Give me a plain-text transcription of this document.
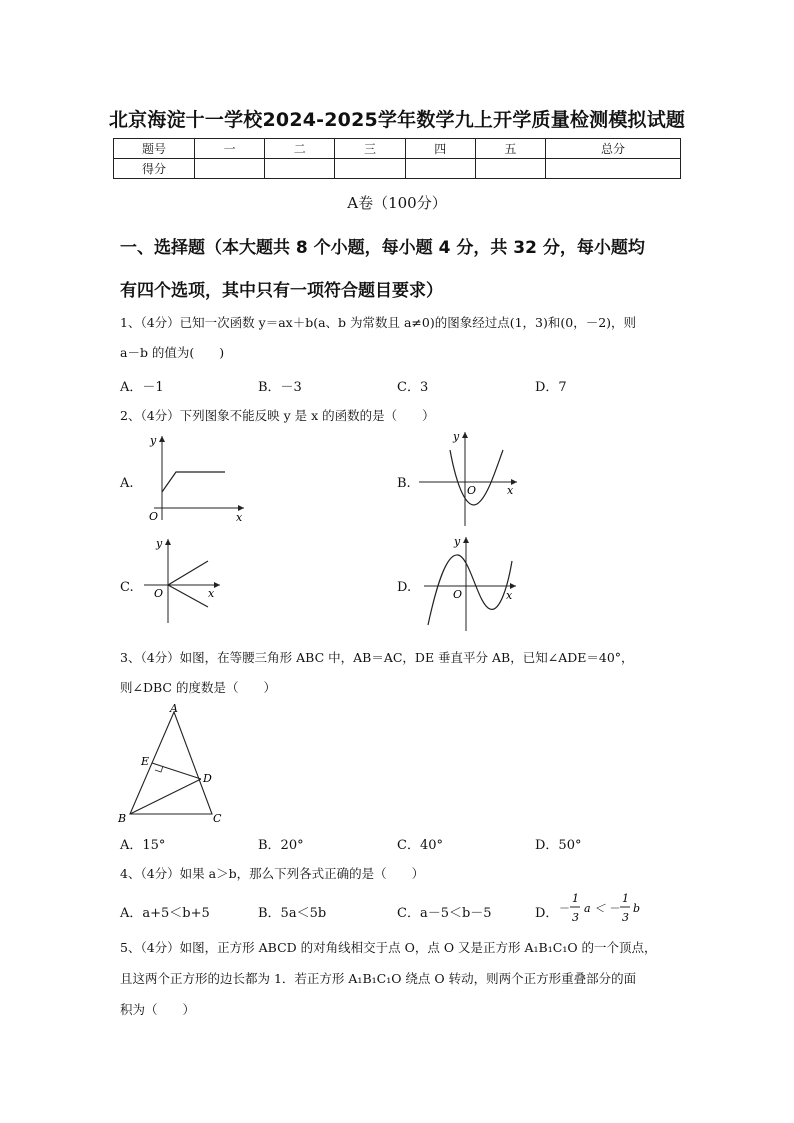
北京海淀十一学校2024-2025学年数学九上开学质量检测模拟试题
题号	一	二	三	四	五	总分
得分						
A卷（100分）
一、选择题（本大题共 8 个小题，每小题 4 分，共 32 分，每小题均
有四个选项，其中只有一项符合题目要求）
1、（4分）已知一次函数 y＝ax＋b(a、b 为常数且 a≠0)的图象经过点(1，3)和(0，－2)，则
a－b 的值为(　　)
A．－1	B．－3	C．3	D．7
2、（4分）下列图象不能反映 y 是 x 的函数的是（　　）
A.
y
x
O
B.
y
x
O
C.
y
x
O	D.
y
x
O
3、（4分）如图，在等腰三角形 ABC 中，AB＝AC，DE 垂直平分 AB，已知∠ADE＝40°，
则∠DBC 的度数是（　　）
A
E
D
B	C
A．15°	B．20°	C．40°	D．50°
4、（4分）如果 a＞b，那么下列各式正确的是（　　）
A．a+5＜b+5	B．5a＜5b	C．a－5＜b－5	D． －
1
3
a ＜ －
1
3
b
5、（4分）如图，正方形 ABCD 的对角线相交于点 O，点 O 又是正方形 A₁B₁C₁O 的一个顶点，
且这两个正方形的边长都为 1．若正方形 A₁B₁C₁O 绕点 O 转动，则两个正方形重叠部分的面
积为（　　）
